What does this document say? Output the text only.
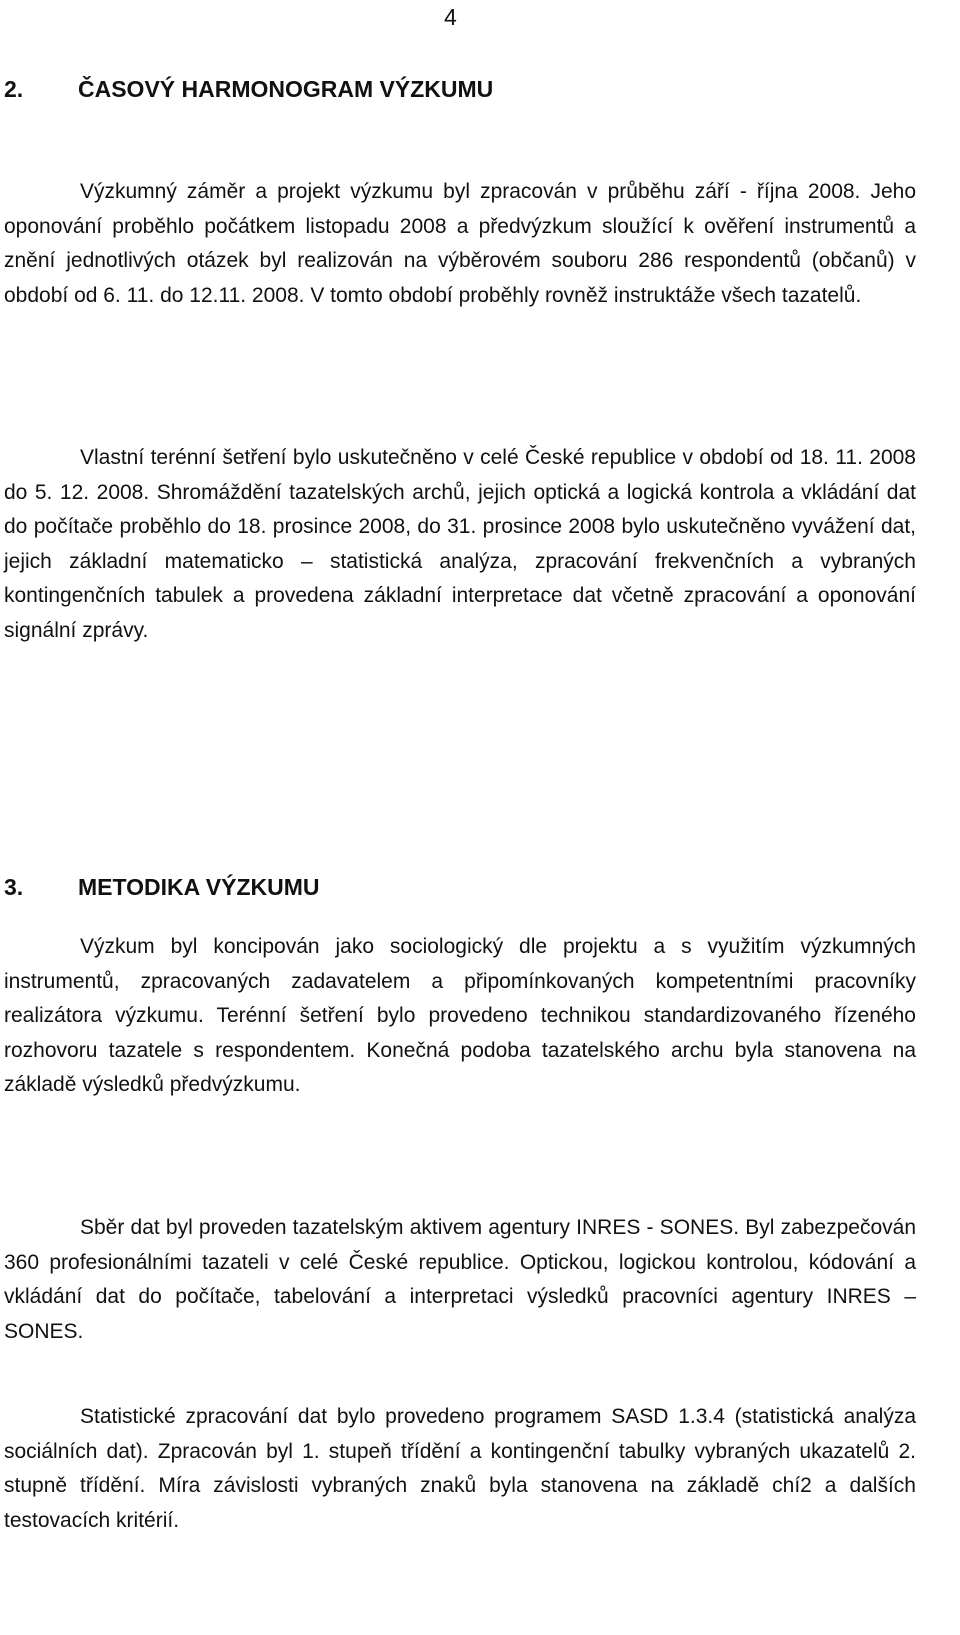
4
2. ČASOVÝ HARMONOGRAM VÝZKUMU

Výzkumný záměr a projekt výzkumu byl zpracován v průběhu září - října 2008. Jeho oponování proběhlo počátkem listopadu 2008 a předvýzkum sloužící k ověření instrumentů a znění jednotlivých otázek byl realizován na výběrovém souboru 286 respondentů (občanů) v období od 6. 11. do 12.11. 2008. V tomto období proběhly rovněž instruktáže všech tazatelů.

Vlastní terénní šetření bylo uskutečněno v celé České republice v období od 18. 11. 2008 do 5. 12. 2008. Shromáždění tazatelských archů, jejich optická a logická kontrola a vkládání dat do počítače proběhlo do 18. prosince 2008, do 31. prosince 2008 bylo uskutečněno vyvážení dat, jejich základní matematicko – statistická analýza, zpracování frekvenčních a vybraných kontingenčních tabulek a provedena základní interpretace dat včetně zpracování a oponování signální zprávy.

3. METODIKA VÝZKUMU

Výzkum byl koncipován jako sociologický dle projektu a s využitím výzkumných instrumentů, zpracovaných zadavatelem a připomínkovaných kompetentními pracovníky realizátora výzkumu. Terénní šetření bylo provedeno technikou standardizovaného řízeného rozhovoru tazatele s respondentem. Konečná podoba tazatelského archu byla stanovena na základě výsledků předvýzkumu.

Sběr dat byl proveden tazatelským aktivem agentury INRES - SONES. Byl zabezpečován 360 profesionálními tazateli v celé České republice. Optickou, logickou kontrolou, kódování a vkládání dat do počítače, tabelování a interpretaci výsledků pracovníci agentury INRES – SONES.

Statistické zpracování dat bylo provedeno programem SASD 1.3.4 (statistická analýza sociálních dat). Zpracován byl 1. stupeň třídění a kontingenční tabulky vybraných ukazatelů 2. stupně třídění. Míra závislosti vybraných znaků byla stanovena na základě chí2 a dalších testovacích kritérií.
